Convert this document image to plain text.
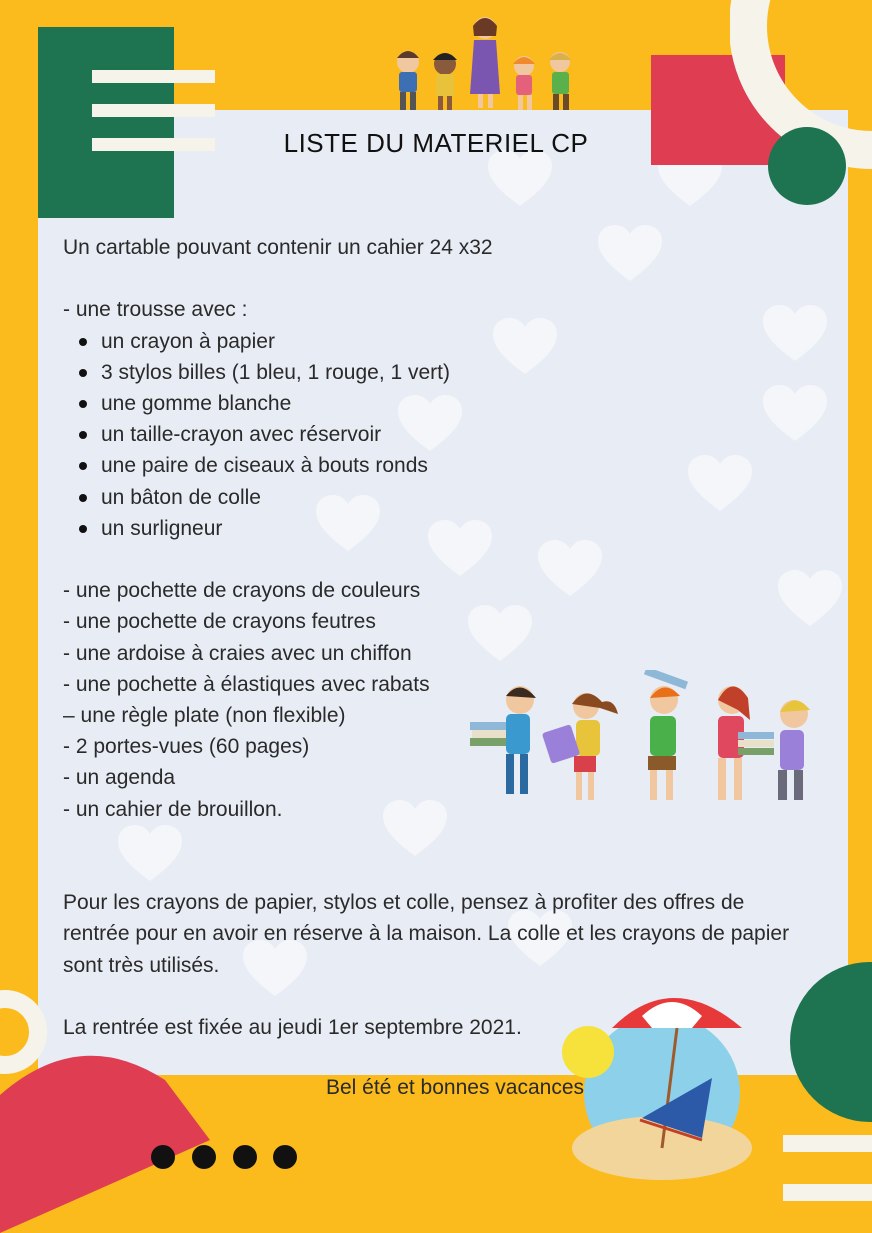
LISTE DU MATERIEL CP

Un cartable pouvant contenir un cahier 24 x32

- une trousse avec :

un crayon à papier
3 stylos billes (1 bleu, 1 rouge, 1 vert)
une gomme blanche
un taille-crayon avec réservoir
une paire de ciseaux à bouts ronds
un bâton de colle
un surligneur

- une pochette de crayons de couleurs

- une pochette de crayons feutres

- une ardoise à craies avec un chiffon

- une pochette à élastiques avec rabats

– une règle plate (non flexible)

- 2 portes-vues (60 pages)

- un agenda

- un cahier de brouillon.

Pour les crayons de papier, stylos et colle, pensez à profiter des offres de

rentrée pour en avoir en réserve à la maison. La colle et les crayons de papier

sont très utilisés.

La rentrée est fixée au jeudi 1er septembre 2021.

Bel été et bonnes vacances
